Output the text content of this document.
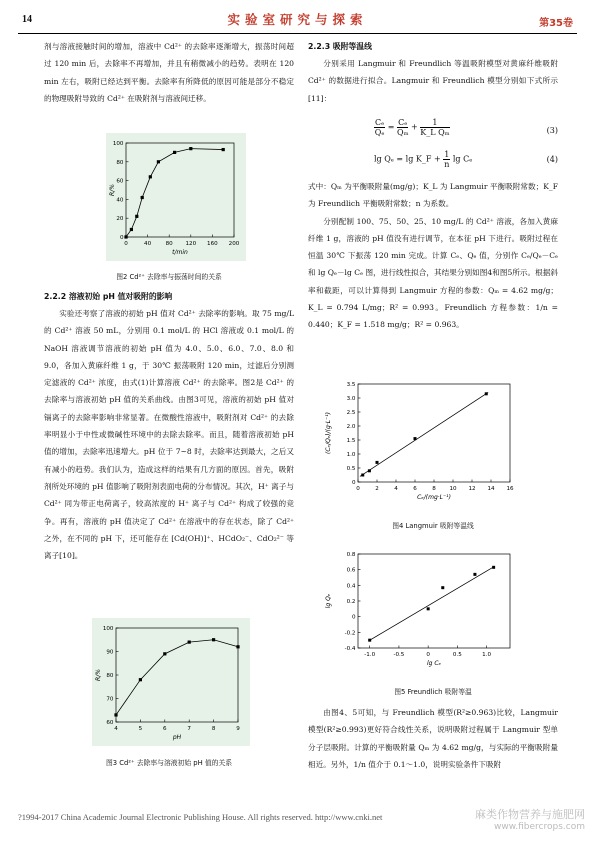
14	实验室研究与探索	第35卷

剂与溶液接触时间的增加，溶液中 Cd²⁺ 的去除率逐渐增大，振荡时间超过 120 min 后，去除率不再增加，并且有稍微减小的趋势。表明在 120 min 左右，吸附已经达到平衡。去除率有所降低的原因可能是部分不稳定的物理吸附导致的 Cd²⁺ 在吸附剂与溶液间迁移。

0	40	80 120 160 200
0
20
40
60
80
100
t/min
R/%
图2 Cd²⁺ 去除率与振荡时间的关系

2.2.2 溶液初始 pH 值对吸附的影响

实验还考察了溶液的初始 pH 值对 Cd²⁺ 去除率的影响。取 75 mg/L 的 Cd²⁺ 溶液 50 mL，分别用 0.1 mol/L 的 HCl 溶液或 0.1 mol/L 的 NaOH 溶液调节溶液的初始 pH 值为 4.0、5.0、6.0、7.0、8.0 和 9.0，各加入黄麻纤维 1 g，于 30℃ 振荡吸附 120 min，过滤后分别测定滤液的 Cd²⁺ 浓度，由式(1)计算溶液 Cd²⁺ 的去除率。图2是 Cd²⁺ 的去除率与溶液初始 pH 值的关系曲线。由图3可见，溶液的初始 pH 值对镉离子的去除率影响非常显著。在微酸性溶液中，吸附剂对 Cd²⁺ 的去除率明显小于中性或微碱性环境中的去除去除率。而且，随着溶液初始 pH 值的增加，去除率迅速增大。pH 位于 7~8 时，去除率达到最大，之后又有减小的趋势。我们认为，造成这样的结果有几方面的原因。首先，吸附剂所处环境的 pH 值影响了吸附剂表面电荷的分布情况。其次，H⁺ 离子与 Cd²⁺ 同为带正电荷离子，较高浓度的 H⁺ 离子与 Cd²⁺ 构成了较强的竞争。再有，溶液的 pH 值决定了 Cd²⁺ 在溶液中的存在状态，除了 Cd²⁺ 之外，在不同的 pH 下，还可能存在 [Cd(OH)]⁺、HCdO₂⁻、CdO₂²⁻ 等离子[10]。

4	5	6	7	8	9
60
70
80
90
100
pH
R/%
图3 Cd²⁺ 去除率与溶液初始 pH 值的关系

2.2.3 吸附等温线

分别采用 Langmuir 和 Freundlich 等温吸附模型对黄麻纤维吸附 Cd²⁺ 的数据进行拟合。Langmuir 和 Freundlich 模型分别如下式所示[11]：

$\frac{\text{Cₑ}}{\text{Qₑ}} = \frac{\text{Cₑ}}{\text{Qₘ}} + \frac{1}{\text{K\_L Qₘ}}$	(3)
lg Qₑ = lg K_F + $\frac{1}{n}$ lg Cₑ	(4)

式中：Qₘ 为平衡吸附量(mg/g)；K_L 为 Langmuir 平衡吸附常数；K_F 为 Freundlich 平衡吸附常数；n 为系数。

分别配制 100、75、50、25、10 mg/L 的 Cd²⁺ 溶液，各加入黄麻纤维 1 g，溶液的 pH 值没有进行调节，在本征 pH 下进行。吸附过程在恒温 30℃ 下振荡 120 min 完成。计算 Cₑ、Qₑ 值，分别作 Cₑ/Qₑ－Cₑ 和 lg Qₑ－lg Cₑ 图，进行线性拟合，其结果分别如图4和图5所示。根据斜率和截距，可以计算得到 Langmuir 方程的参数：Qₘ = 4.62 mg/g；K_L = 0.794 L/mg；R² = 0.993。Freundlich 方程参数：1/n = 0.440；K_F = 1.518 mg/g；R² = 0.963。

0	2	4	6	8 10 12 14 16
0
0.5
1.0
1.5
2.0
2.5
3.0
3.5
Cₑ/(mg·L⁻¹)
(Cₑ/Qₑ)/(g·L⁻¹)
图4 Langmuir 吸附等温线
-1.0	-0.5	0	0.5	1.0
-0.4
-0.2
0
0.2
0.4
0.6
0.8
lg Cₑ
lg Qₑ
图5 Freundlich 吸附等温

由图4、5可知，与 Freundlich 模型(R²≥0.963)比较，Langmuir 模型(R²≥0.993)更好符合线性关系，说明吸附过程属于 Langmuir 型单分子层吸附。计算的平衡吸附量 Qₘ 为 4.62 mg/g，与实际的平衡吸附量相近。另外，1/n 值介于 0.1～1.0，说明实验条件下吸附

?1994-2017 China Academic Journal Electronic Publishing House. All rights reserved. http://www.cnki.net	麻类作物营养与施肥网
www.fibercrops.com
